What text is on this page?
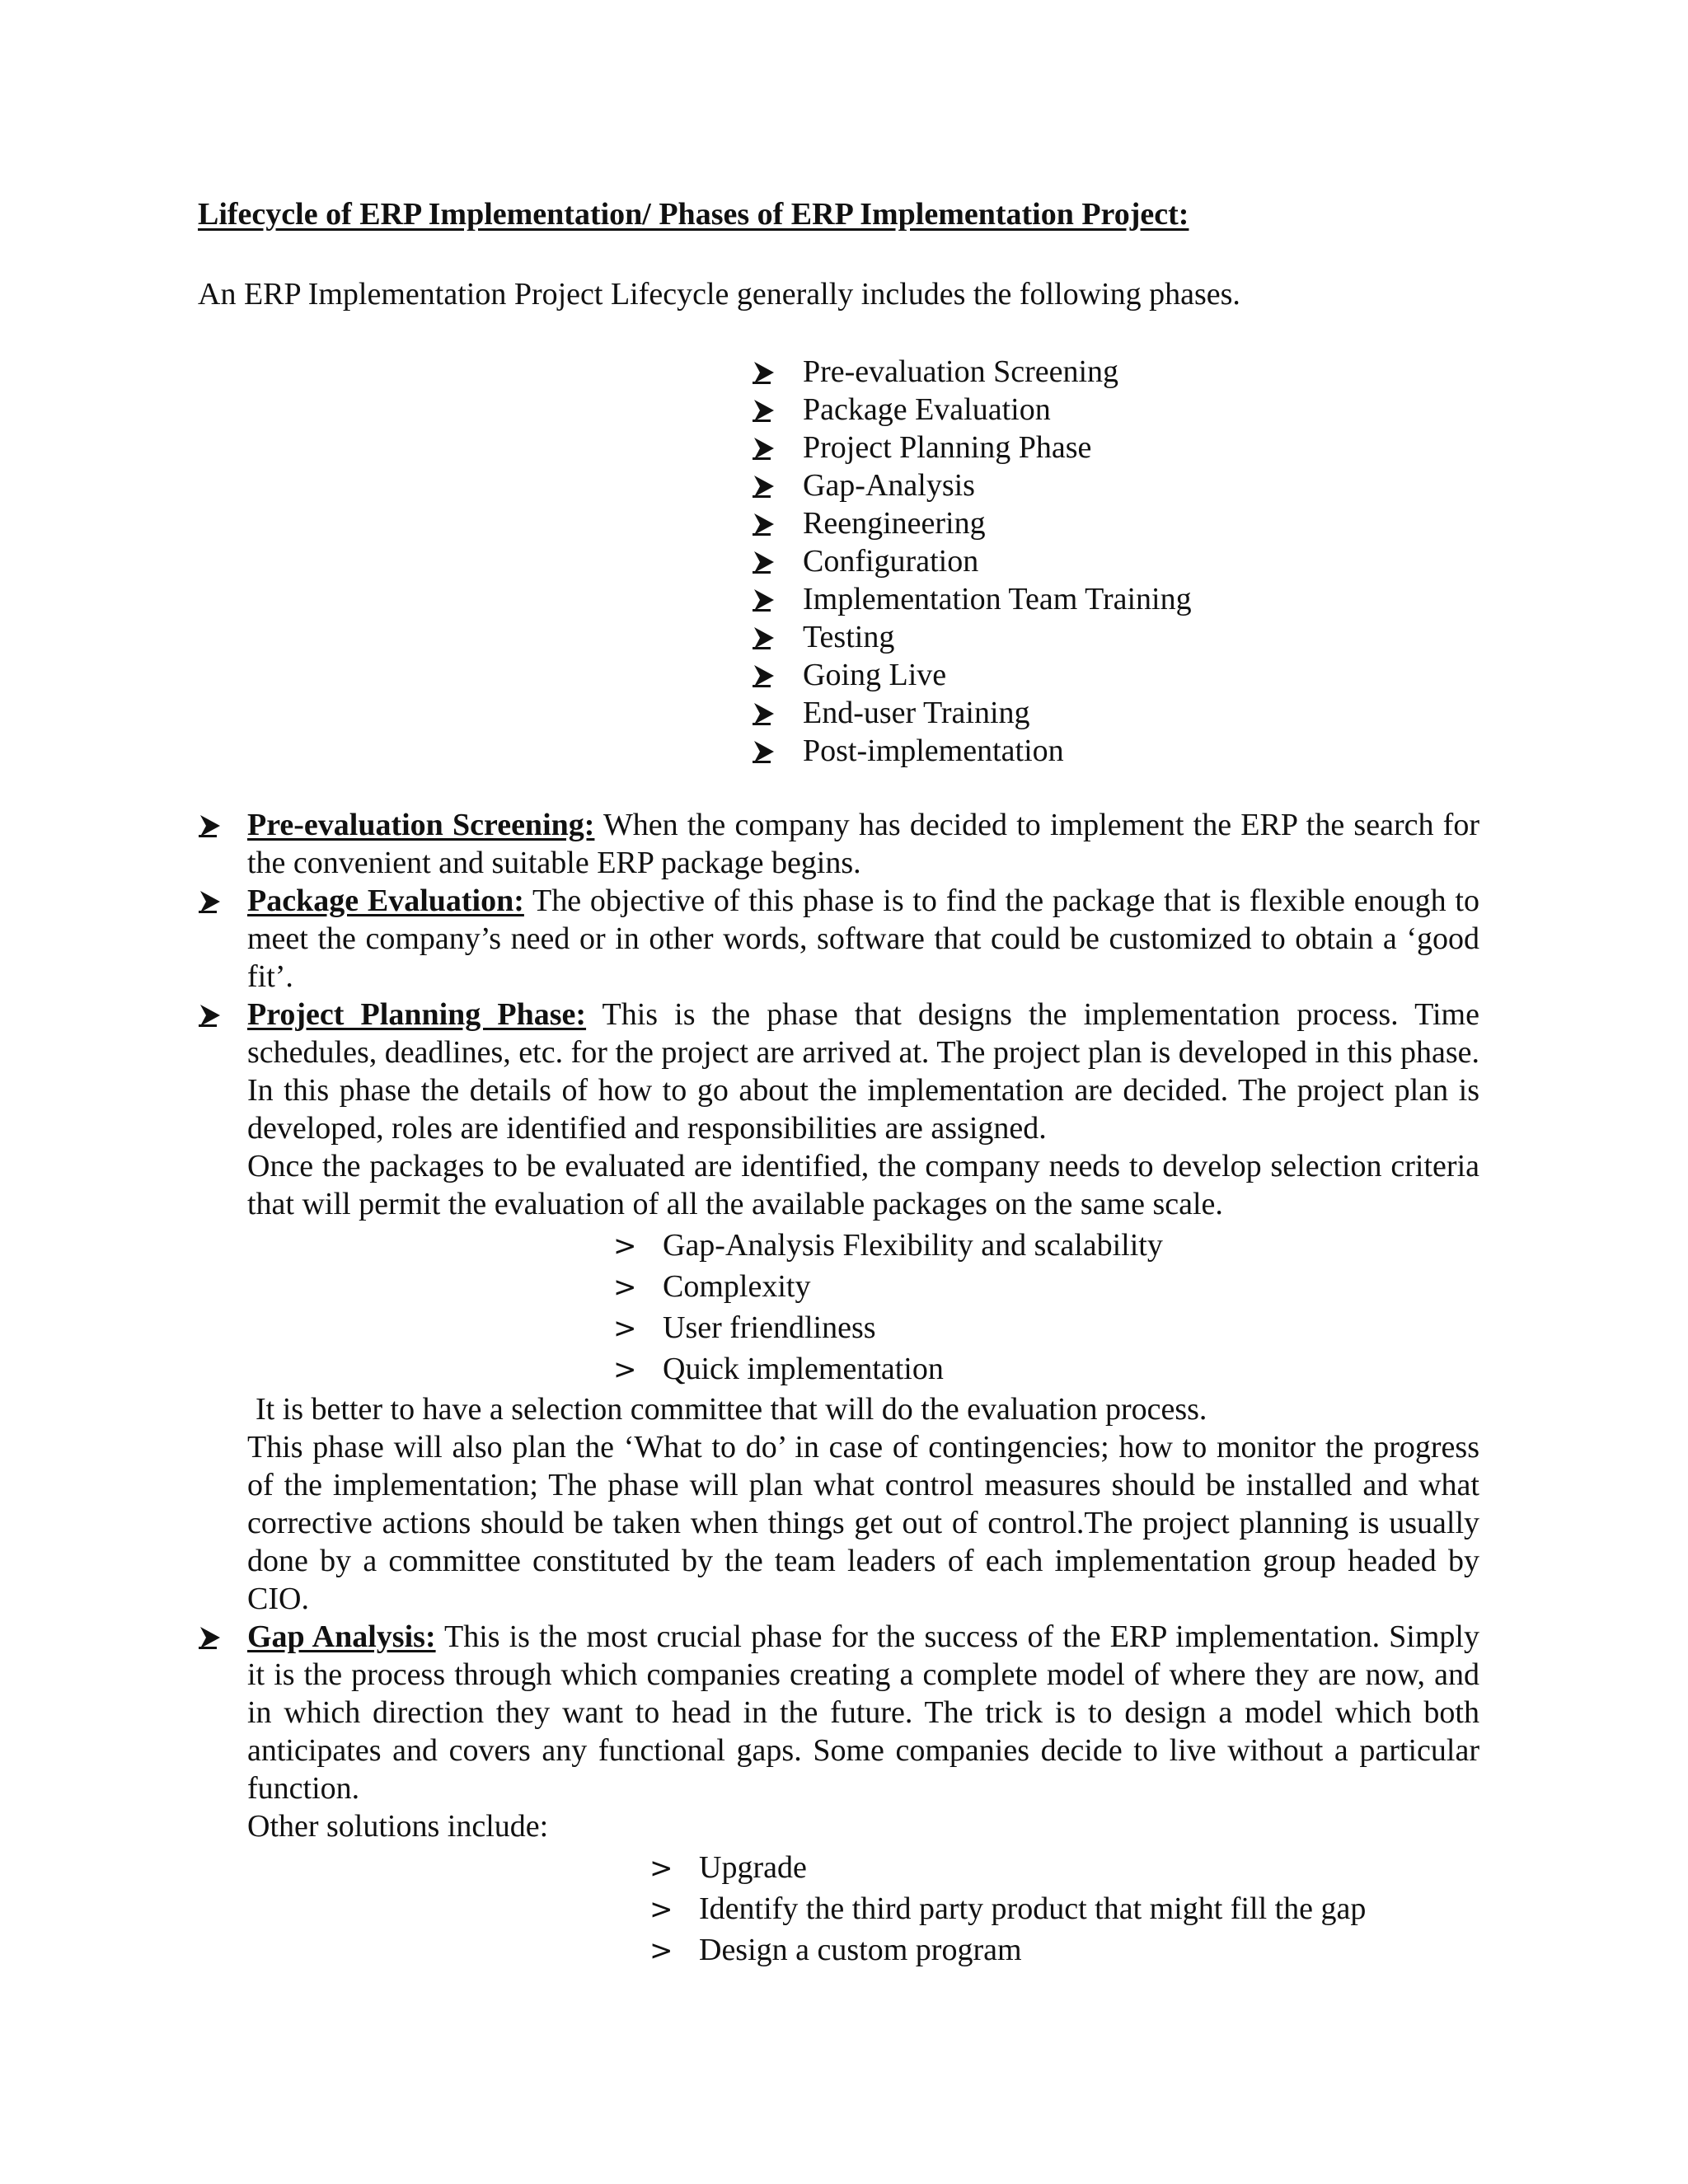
Lifecycle of ERP Implementation/ Phases of ERP Implementation Project:
An ERP Implementation Project Lifecycle generally includes the following phases.
Pre-evaluation Screening
Package Evaluation
Project Planning Phase
Gap-Analysis
Reengineering
Configuration
Implementation Team Training
Testing
Going Live
End-user Training
Post-implementation

Pre-evaluation Screening: When the company has decided to implement the ERP the search for the convenient and suitable ERP package begins.

Package Evaluation: The objective of this phase is to find the package that is flexible enough to meet the company’s need or in other words, software that could be customized to obtain a ‘good fit’.

Project Planning Phase: This is the phase that designs the implementation process. Time schedules, deadlines, etc. for the project are arrived at. The project plan is developed in this phase. In this phase the details of how to go about the implementation are decided. The project plan is developed, roles are identified and responsibilities are assigned.

Once the packages to be evaluated are identified, the company needs to develop selection criteria that will permit the evaluation of all the available packages on the same scale.

> Gap-Analysis Flexibility and scalability
> Complexity
> User friendliness
> Quick implementation

It is better to have a selection committee that will do the evaluation process.

This phase will also plan the ‘What to do’ in case of contingencies; how to monitor the progress of the implementation; The phase will plan what control measures should be installed and what corrective actions should be taken when things get out of control.The project planning is usually done by a committee constituted by the team leaders of each implementation group headed by CIO.

Gap Analysis: This is the most crucial phase for the success of the ERP implementation. Simply it is the process through which companies creating a complete model of where they are now, and in which direction they want to head in the future. The trick is to design a model which both anticipates and covers any functional gaps. Some companies decide to live without a particular function.

Other solutions include:

> Upgrade
> Identify the third party product that might fill the gap
> Design a custom program
